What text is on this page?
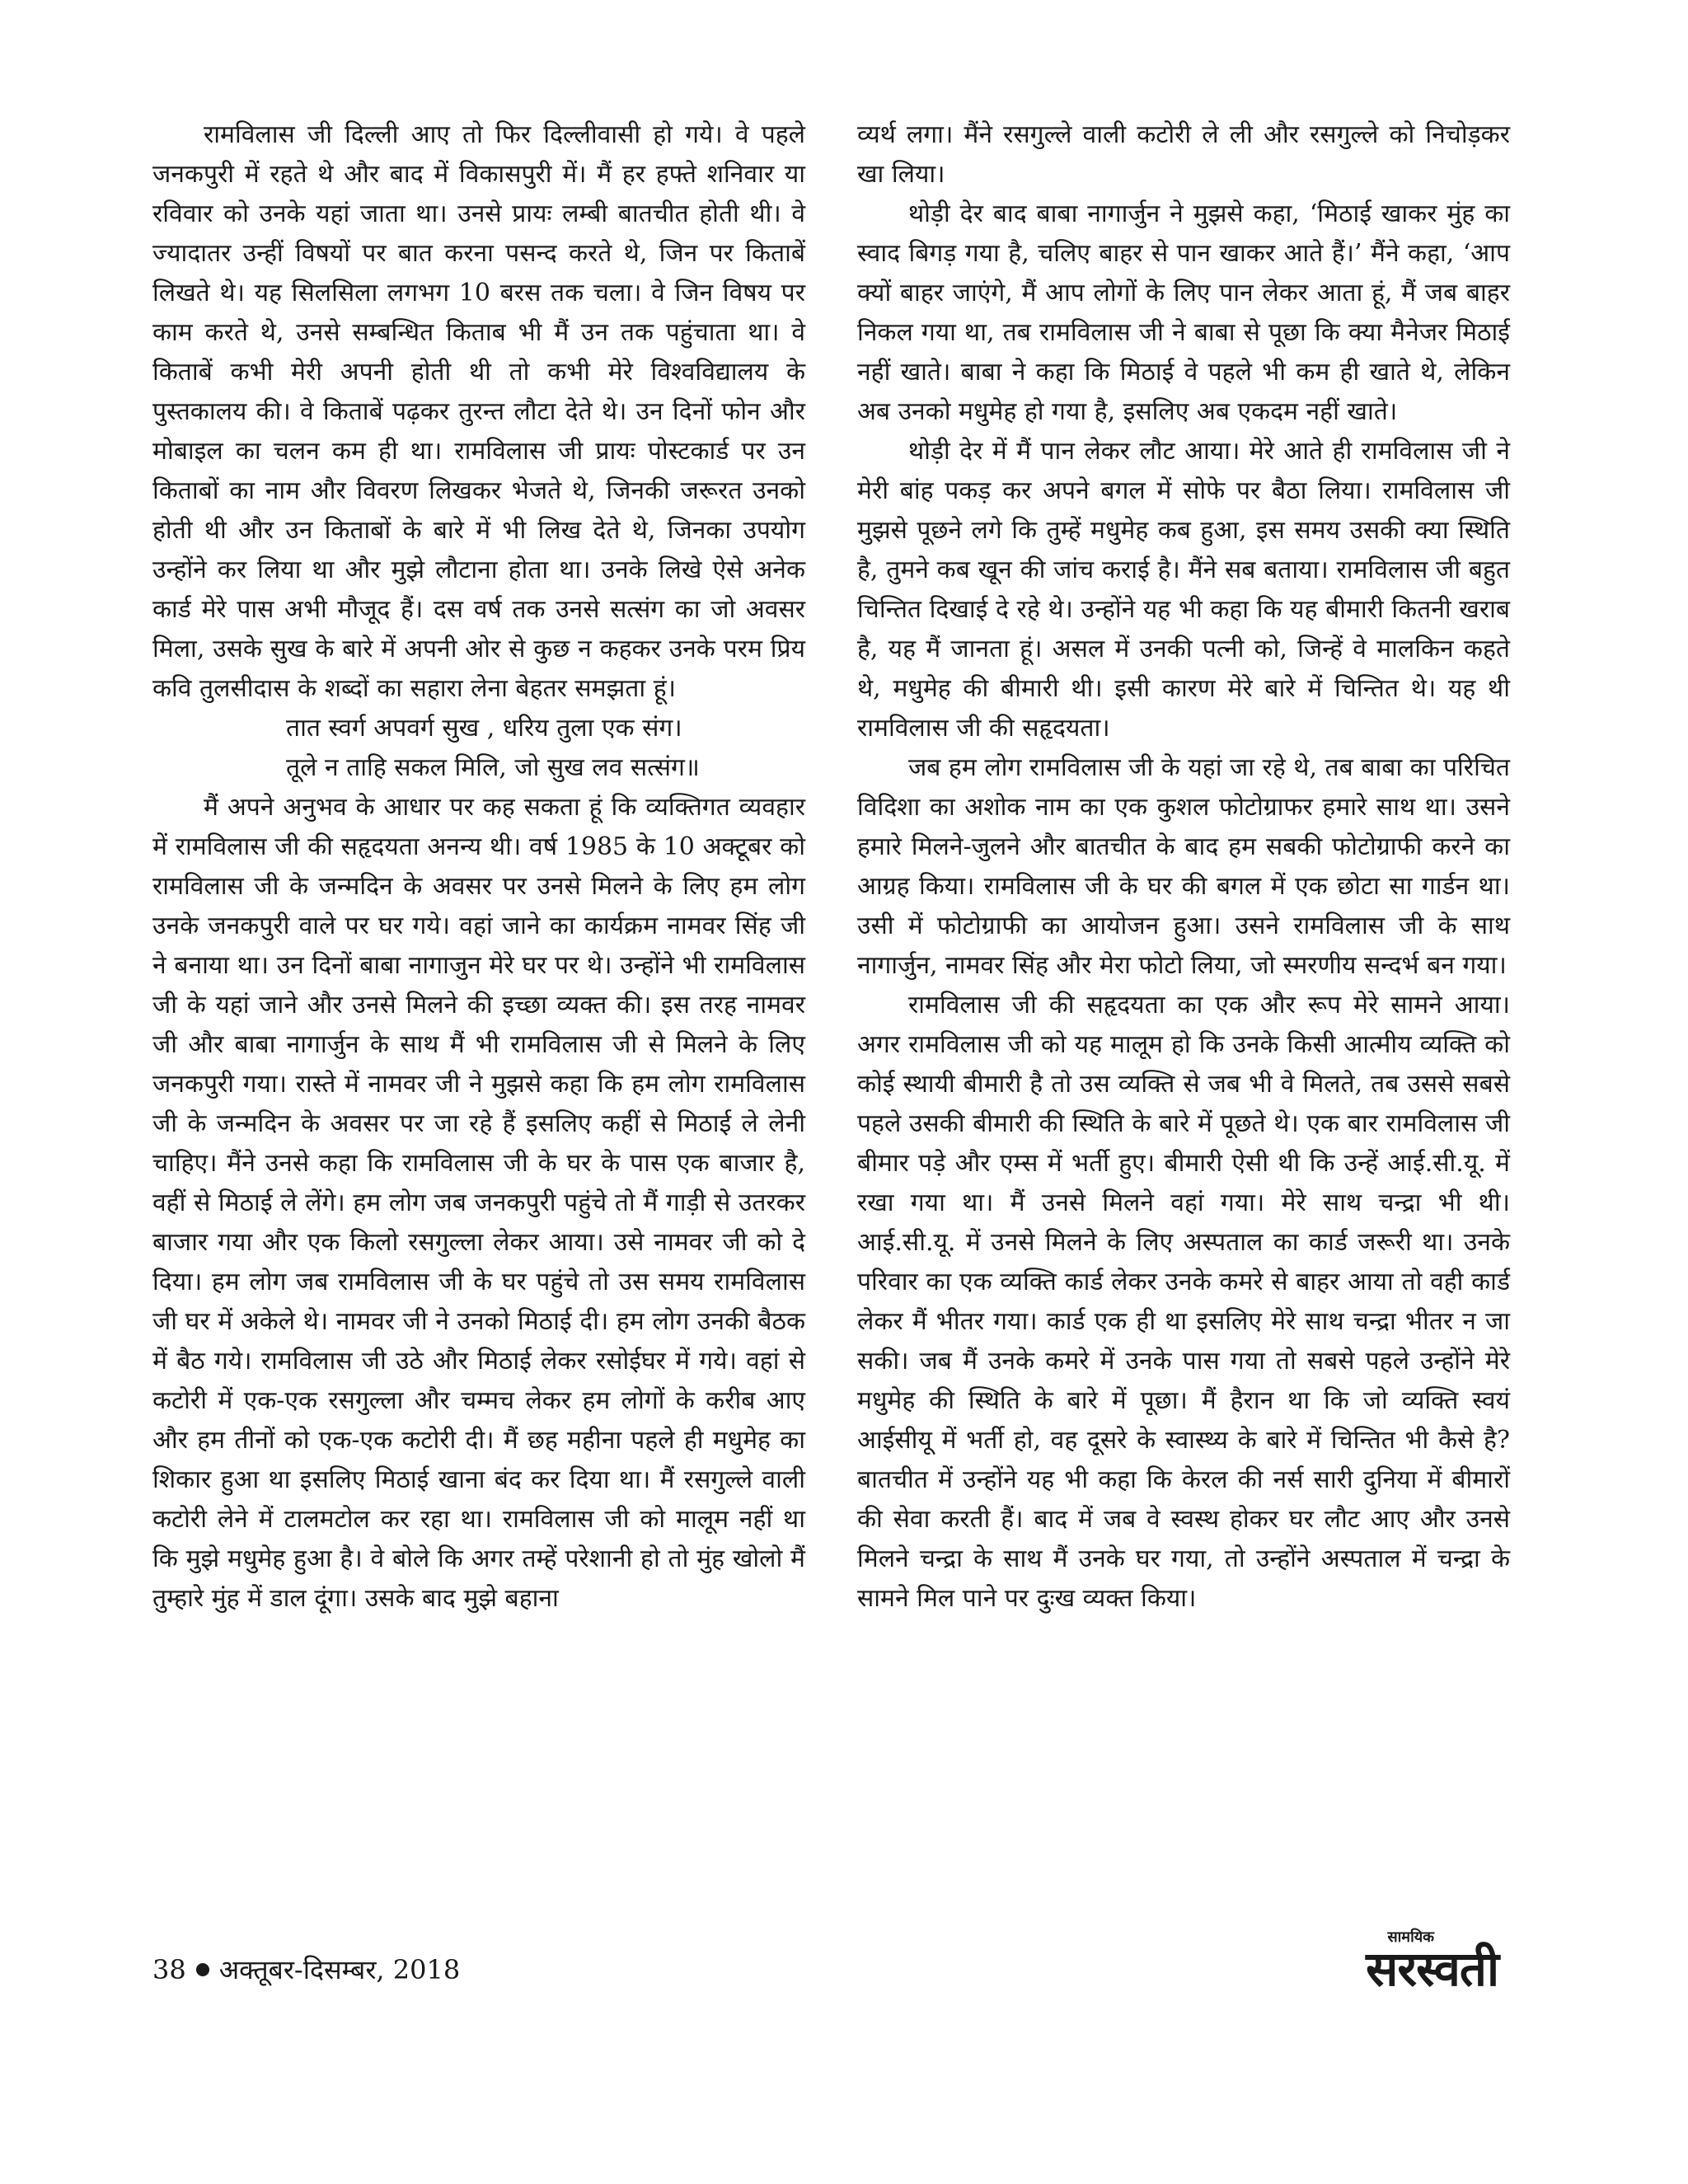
रामविलास जी दिल्ली आए तो फिर दिल्लीवासी हो गये। वे पहले जनकपुरी में रहते थे और बाद में विकासपुरी में। मैं हर हफ्ते शनिवार या रविवार को उनके यहां जाता था। उनसे प्रायः लम्बी बातचीत होती थी। वे ज्यादातर उन्हीं विषयों पर बात करना पसन्द करते थे, जिन पर किताबें लिखते थे। यह सिलसिला लगभग 10 बरस तक चला। वे जिन विषय पर काम करते थे, उनसे सम्बन्धित किताब भी मैं उन तक पहुंचाता था। वे किताबें कभी मेरी अपनी होती थी तो कभी मेरे विश्वविद्यालय के पुस्तकालय की। वे किताबें पढ़कर तुरन्त लौटा देते थे। उन दिनों फोन और मोबाइल का चलन कम ही था। रामविलास जी प्रायः पोस्टकार्ड पर उन किताबों का नाम और विवरण लिखकर भेजते थे, जिनकी जरूरत उनको होती थी और उन किताबों के बारे में भी लिख देते थे, जिनका उपयोग उन्होंने कर लिया था और मुझे लौटाना होता था। उनके लिखे ऐसे अनेक कार्ड मेरे पास अभी मौजूद हैं। दस वर्ष तक उनसे सत्संग का जो अवसर मिला, उसके सुख के बारे में अपनी ओर से कुछ न कहकर उनके परम प्रिय कवि तुलसीदास के शब्दों का सहारा लेना बेहतर समझता हूं।

तात स्वर्ग अपवर्ग सुख , धरिय तुला एक संग।

तूले न ताहि सकल मिलि, जो सुख लव सत्संग॥

मैं अपने अनुभव के आधार पर कह सकता हूं कि व्यक्तिगत व्यवहार में रामविलास जी की सहृदयता अनन्य थी। वर्ष 1985 के 10 अक्टूबर को रामविलास जी के जन्मदिन के अवसर पर उनसे मिलने के लिए हम लोग उनके जनकपुरी वाले पर घर गये। वहां जाने का कार्यक्रम नामवर सिंह जी ने बनाया था। उन दिनों बाबा नागाजुन मेरे घर पर थे। उन्होंने भी रामविलास जी के यहां जाने और उनसे मिलने की इच्छा व्यक्त की। इस तरह नामवर जी और बाबा नागार्जुन के साथ मैं भी रामविलास जी से मिलने के लिए जनकपुरी गया। रास्ते में नामवर जी ने मुझसे कहा कि हम लोग रामविलास जी के जन्मदिन के अवसर पर जा रहे हैं इसलिए कहीं से मिठाई ले लेनी चाहिए। मैंने उनसे कहा कि रामविलास जी के घर के पास एक बाजार है, वहीं से मिठाई ले लेंगे। हम लोग जब जनकपुरी पहुंचे तो मैं गाड़ी से उतरकर बाजार गया और एक किलो रसगुल्ला लेकर आया। उसे नामवर जी को दे दिया। हम लोग जब रामविलास जी के घर पहुंचे तो उस समय रामविलास जी घर में अकेले थे। नामवर जी ने उनको मिठाई दी। हम लोग उनकी बैठक में बैठ गये। रामविलास जी उठे और मिठाई लेकर रसोईघर में गये। वहां से कटोरी में एक-एक रसगुल्ला और चम्मच लेकर हम लोगों के करीब आए और हम तीनों को एक-एक कटोरी दी। मैं छह महीना पहले ही मधुमेह का शिकार हुआ था इसलिए मिठाई खाना बंद कर दिया था। मैं रसगुल्ले वाली कटोरी लेने में टालमटोल कर रहा था। रामविलास जी को मालूम नहीं था कि मुझे मधुमेह हुआ है। वे बोले कि अगर तम्हें परेशानी हो तो मुंह खोलो मैं तुम्हारे मुंह में डाल दूंगा। उसके बाद मुझे बहाना

व्यर्थ लगा। मैंने रसगुल्ले वाली कटोरी ले ली और रसगुल्ले को निचोड़कर खा लिया।

थोड़ी देर बाद बाबा नागार्जुन ने मुझसे कहा, ‘मिठाई खाकर मुंह का स्वाद बिगड़ गया है, चलिए बाहर से पान खाकर आते हैं।’ मैंने कहा, ‘आप क्यों बाहर जाएंगे, मैं आप लोगों के लिए पान लेकर आता हूं, मैं जब बाहर निकल गया था, तब रामविलास जी ने बाबा से पूछा कि क्या मैनेजर मिठाई नहीं खाते। बाबा ने कहा कि मिठाई वे पहले भी कम ही खाते थे, लेकिन अब उनको मधुमेह हो गया है, इसलिए अब एकदम नहीं खाते।

थोड़ी देर में मैं पान लेकर लौट आया। मेरे आते ही रामविलास जी ने मेरी बांह पकड़ कर अपने बगल में सोफे पर बैठा लिया। रामविलास जी मुझसे पूछने लगे कि तुम्हें मधुमेह कब हुआ, इस समय उसकी क्या स्थिति है, तुमने कब खून की जांच कराई है। मैंने सब बताया। रामविलास जी बहुत चिन्तित दिखाई दे रहे थे। उन्होंने यह भी कहा कि यह बीमारी कितनी खराब है, यह मैं जानता हूं। असल में उनकी पत्नी को, जिन्हें वे मालकिन कहते थे, मधुमेह की बीमारी थी। इसी कारण मेरे बारे में चिन्तित थे। यह थी रामविलास जी की सहृदयता।

जब हम लोग रामविलास जी के यहां जा रहे थे, तब बाबा का परिचित विदिशा का अशोक नाम का एक कुशल फोटोग्राफर हमारे साथ था। उसने हमारे मिलने-जुलने और बातचीत के बाद हम सबकी फोटोग्राफी करने का आग्रह किया। रामविलास जी के घर की बगल में एक छोटा सा गार्डन था। उसी में फोटोग्राफी का आयोजन हुआ। उसने रामविलास जी के साथ नागार्जुन, नामवर सिंह और मेरा फोटो लिया, जो स्मरणीय सन्दर्भ बन गया।

रामविलास जी की सहृदयता का एक और रूप मेरे सामने आया। अगर रामविलास जी को यह मालूम हो कि उनके किसी आत्मीय व्यक्ति को कोई स्थायी बीमारी है तो उस व्यक्ति से जब भी वे मिलते, तब उससे सबसे पहले उसकी बीमारी की स्थिति के बारे में पूछते थे। एक बार रामविलास जी बीमार पड़े और एम्स में भर्ती हुए। बीमारी ऐसी थी कि उन्हें आई.सी.यू. में रखा गया था। मैं उनसे मिलने वहां गया। मेरे साथ चन्द्रा भी थी। आई.सी.यू. में उनसे मिलने के लिए अस्पताल का कार्ड जरूरी था। उनके परिवार का एक व्यक्ति कार्ड लेकर उनके कमरे से बाहर आया तो वही कार्ड लेकर मैं भीतर गया। कार्ड एक ही था इसलिए मेरे साथ चन्द्रा भीतर न जा सकी। जब मैं उनके कमरे में उनके पास गया तो सबसे पहले उन्होंने मेरे मधुमेह की स्थिति के बारे में पूछा। मैं हैरान था कि जो व्यक्ति स्वयं आईसीयू में भर्ती हो, वह दूसरे के स्वास्थ्य के बारे में चिन्तित भी कैसे है? बातचीत में उन्होंने यह भी कहा कि केरल की नर्स सारी दुनिया में बीमारों की सेवा करती हैं। बाद में जब वे स्वस्थ होकर घर लौट आए और उनसे मिलने चन्द्रा के साथ मैं उनके घर गया, तो उन्होंने अस्पताल में चन्द्रा के सामने मिल पाने पर दुःख व्यक्त किया।

38 अक्तूबर-दिसम्बर, 2018
सामयिक
सरस्वती
